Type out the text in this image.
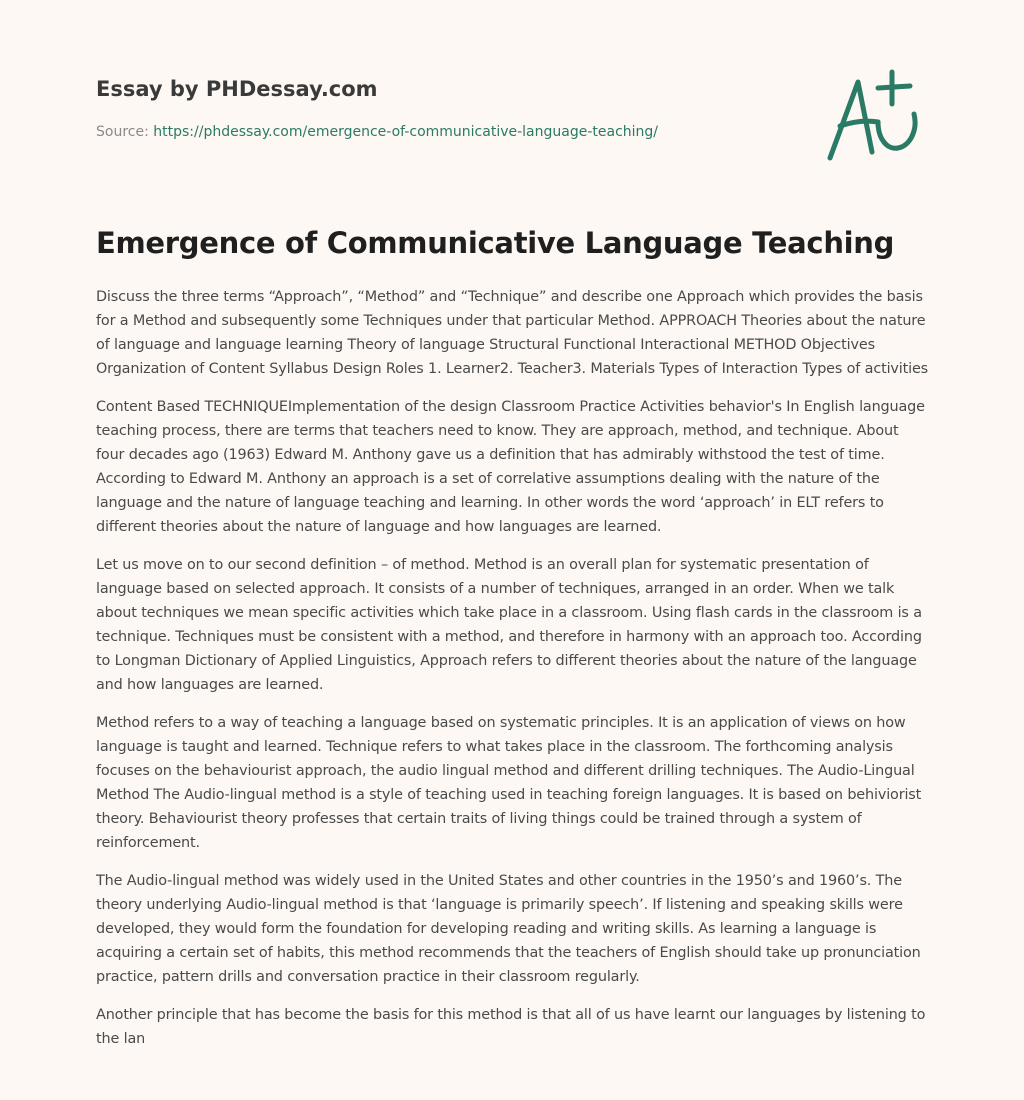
Essay by PHDessay.com
Source: https://phdessay.com/emergence-of-communicative-language-teaching/
Emergence of Communicative Language Teaching

Discuss the three terms “Approach”, “Method” and “Technique” and describe one Approach which provides the basis for a Method and subsequently some Techniques under that particular Method. APPROACH Theories about the nature of language and language learning Theory of language Structural Functional Interactional METHOD Objectives Organization of Content Syllabus Design Roles 1. Learner2. Teacher3. Materials Types of Interaction Types of activities

Content Based TECHNIQUEImplementation of the design Classroom Practice Activities behavior's In English language teaching process, there are terms that teachers need to know. They are approach, method, and technique. About four decades ago (1963) Edward M. Anthony gave us a definition that has admirably withstood the test of time. According to Edward M. Anthony an approach is a set of correlative assumptions dealing with the nature of the language and the nature of language teaching and learning. In other words the word ‘approach’ in ELT refers to different theories about the nature of language and how languages are learned.

Let us move on to our second definition – of method. Method is an overall plan for systematic presentation of language based on selected approach. It consists of a number of techniques, arranged in an order. When we talk about techniques we mean specific activities which take place in a classroom. Using flash cards in the classroom is a technique. Techniques must be consistent with a method, and therefore in harmony with an approach too. According to Longman Dictionary of Applied Linguistics, Approach refers to different theories about the nature of the language and how languages are learned.

Method refers to a way of teaching a language based on systematic principles. It is an application of views on how language is taught and learned. Technique refers to what takes place in the classroom. The forthcoming analysis focuses on the behaviourist approach, the audio lingual method and different drilling techniques. The Audio-Lingual Method The Audio-lingual method is a style of teaching used in teaching foreign languages. It is based on behiviorist theory. Behaviourist theory professes that certain traits of living things could be trained through a system of reinforcement.

The Audio-lingual method was widely used in the United States and other countries in the 1950’s and 1960’s. The theory underlying Audio-lingual method is that ‘language is primarily speech’. If listening and speaking skills were developed, they would form the foundation for developing reading and writing skills. As learning a language is acquiring a certain set of habits, this method recommends that the teachers of English should take up pronunciation practice, pattern drills and conversation practice in their classroom regularly.

Another principle that has become the basis for this method is that all of us have learnt our languages by listening to the lan
